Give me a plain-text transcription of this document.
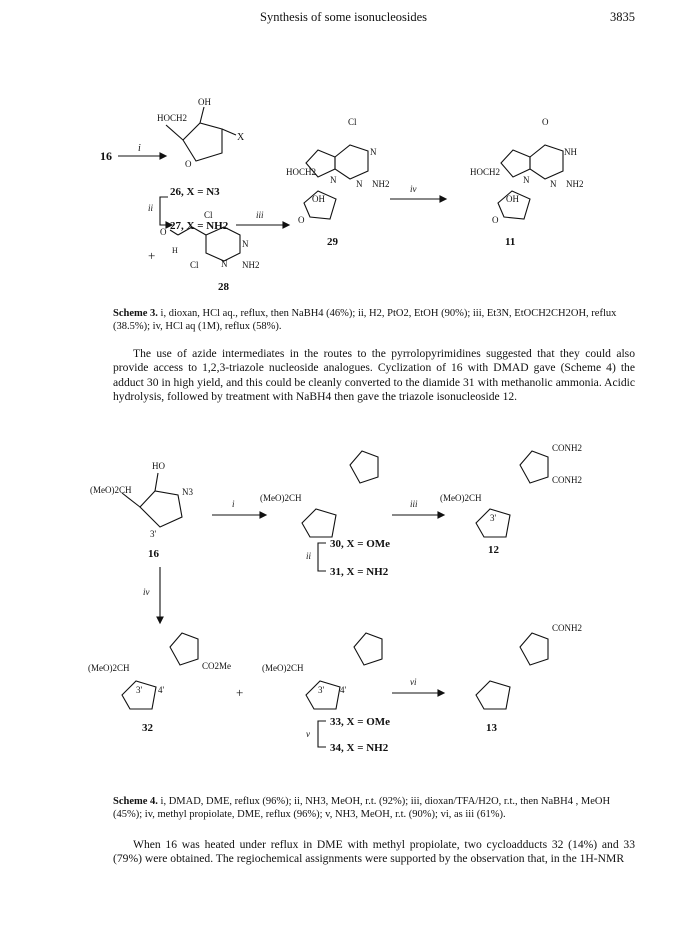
Synthesis of some isonucleosides	3835
16
i
HOCH2
OH
X
O
26, X = N3
27, X = NH2
ii
iii
Cl
O
H
Cl N
N
NH2
+
28
Cl
N
N NH2
N
HOCH2
OH
O
29
iv
O
NH
N NH2
N
HOCH2
OH
O
11
Scheme 3. i, dioxan, HCl aq., reflux, then NaBH4 (46%); ii, H2, PtO2, EtOH (90%); iii, Et3N, EtOCH2CH2OH, reflux (38.5%); iv, HCl aq (1M), reflux (58%).
The use of azide intermediates in the routes to the pyrrolopyrimidines suggested that they could also provide access to 1,2,3-triazole nucleoside analogues. Cyclization of 16 with DMAD gave (Scheme 4) the adduct 30 in high yield, and this could be cleanly converted to the diamide 31 with methanolic ammonia. Acidic hydrolysis, followed by treatment with NaBH4 then gave the triazole isonucleoside 12.
HO
(MeO)2CH	N3
3'
16
i
(MeO)2CH
30, X = OMe
31, X = NH2
ii
iii
CONH2
CONH2
(MeO)2CH
3'
12
iv
CO2Me
(MeO)2CH
3' 4'
32
+
(MeO)2CH
3' 4'
33, X = OMe
34, X = NH2
v
vi
CONH2
13
Scheme 4. i, DMAD, DME, reflux (96%); ii, NH3, MeOH, r.t. (92%); iii, dioxan/TFA/H2O, r.t., then NaBH4 , MeOH (45%); iv, methyl propiolate, DME, reflux (96%); v, NH3, MeOH, r.t. (90%); vi, as iii (61%).
When 16 was heated under reflux in DME with methyl propiolate, two cycloadducts 32 (14%) and 33 (79%) were obtained. The regiochemical assignments were supported by the observation that, in the 1H-NMR
